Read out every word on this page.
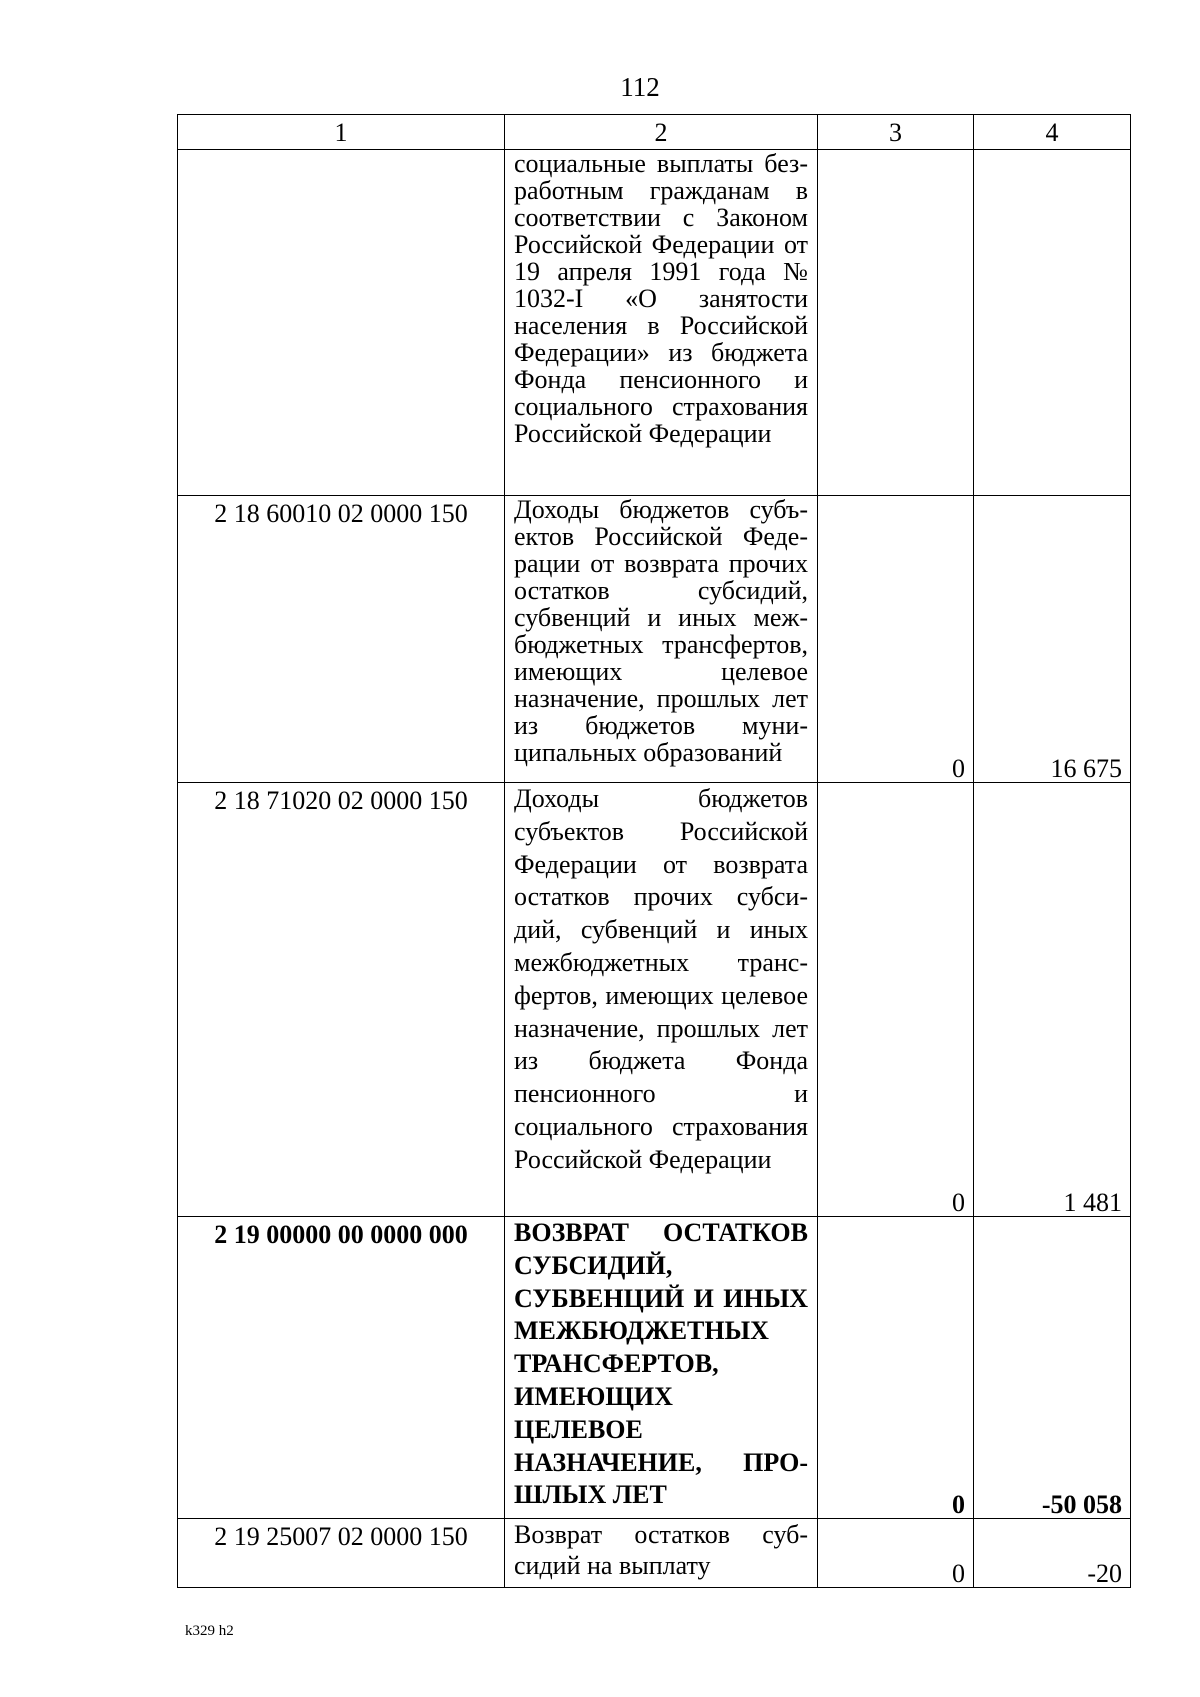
112
1	2	3	4

	социальные выплаты безработным гражданам в соответствии с Законом Российской Федерации от 19 апреля 1991 года № 1032-I «О занятости населения в Российской Федерации» из бюджета Фонда пенсионного и социального страхования Российской Федерации		

2 18 60010 02 0000 150	Доходы бюджетов субъектов Российской Федерации от возврата прочих остатков субсидий, субвенций и иных межбюджетных трансфертов, имеющих целевое назначение, прошлых лет из бюджетов муниципальных образований	0	16 675
2 18 71020 02 0000 150	Доходы бюджетов субъектов Российской Федерации от возврата остатков прочих субсидий, субвенций и иных межбюджетных трансфертов, имеющих целевое назначение, прошлых лет из бюджета Фонда пенсионного и социального страхования Российской Федерации	0	1 481
2 19 00000 00 0000 000	ВОЗВРАТ ОСТАТКОВ СУБСИДИЙ, СУБВЕНЦИЙ И ИНЫХ МЕЖБЮДЖЕТНЫХ ТРАНСФЕРТОВ, ИМЕЮЩИХ ЦЕЛЕВОЕ НАЗНАЧЕНИЕ, ПРОШЛЫХ ЛЕТ	0	-50 058
2 19 25007 02 0000 150	Возврат остатков субсидий на выплату	0	-20
k329 h2
